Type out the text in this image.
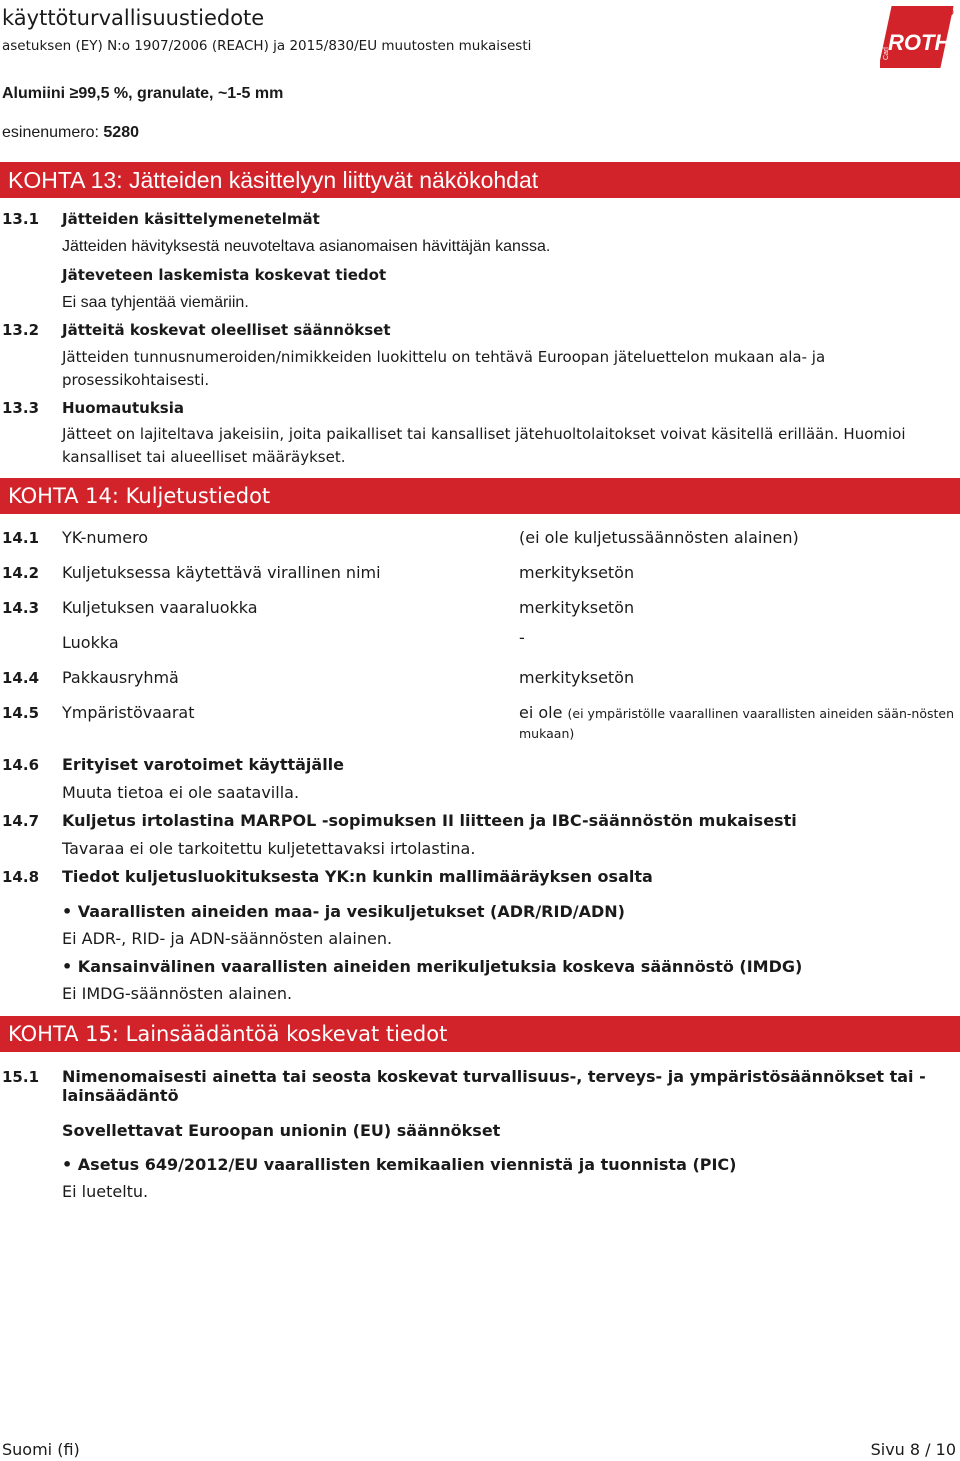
käyttöturvallisuustiedote
asetuksen (EY) N:o 1907/2006 (REACH) ja 2015/830/EU muutosten mukaisesti	ROTH
Carl
Alumiini ≥99,5 %, granulate, ~1-5 mm
esinenumero: 5280
KOHTA 13: Jätteiden käsittelyyn liittyvät näkökohdat
13.1 Jätteiden käsittelymenetelmät
Jätteiden hävityksestä neuvoteltava asianomaisen hävittäjän kanssa.
Jäteveteen laskemista koskevat tiedot
Ei saa tyhjentää viemäriin.
13.2 Jätteitä koskevat oleelliset säännökset
Jätteiden tunnusnumeroiden/nimikkeiden luokittelu on tehtävä Euroopan jäteluettelon mukaan ala- ja prosessikohtaisesti.
13.3 Huomautuksia
Jätteet on lajiteltava jakeisiin, joita paikalliset tai kansalliset jätehuoltolaitokset voivat käsitellä erillään. Huomioi kansalliset tai alueelliset määräykset.
KOHTA 14: Kuljetustiedot
14.1 YK-numero	(ei ole kuljetussäännösten alainen)
14.2 Kuljetuksessa käytettävä virallinen nimi	merkityksetön
14.3 Kuljetuksen vaaraluokka	merkityksetön
Luokka	-
14.4 Pakkausryhmä	merkityksetön
14.5 Ympäristövaarat	ei ole (ei ympäristölle vaarallinen vaarallisten aineiden sään-nösten mukaan)
14.6 Erityiset varotoimet käyttäjälle
Muuta tietoa ei ole saatavilla.
14.7 Kuljetus irtolastina MARPOL -sopimuksen II liitteen ja IBC-säännöstön mukaisesti
Tavaraa ei ole tarkoitettu kuljetettavaksi irtolastina.
14.8 Tiedot kuljetusluokituksesta YK:n kunkin mallimääräyksen osalta
• Vaarallisten aineiden maa- ja vesikuljetukset (ADR/RID/ADN)
Ei ADR-, RID- ja ADN-säännösten alainen.
• Kansainvälinen vaarallisten aineiden merikuljetuksia koskeva säännöstö (IMDG)
Ei IMDG-säännösten alainen.
KOHTA 15: Lainsäädäntöä koskevat tiedot
15.1 Nimenomaisesti ainetta tai seosta koskevat turvallisuus-, terveys- ja ympäristösäännökset tai -lainsäädäntö
Sovellettavat Euroopan unionin (EU) säännökset
• Asetus 649/2012/EU vaarallisten kemikaalien viennistä ja tuonnista (PIC)
Ei lueteltu.
Suomi (fi)	Sivu 8 / 10
